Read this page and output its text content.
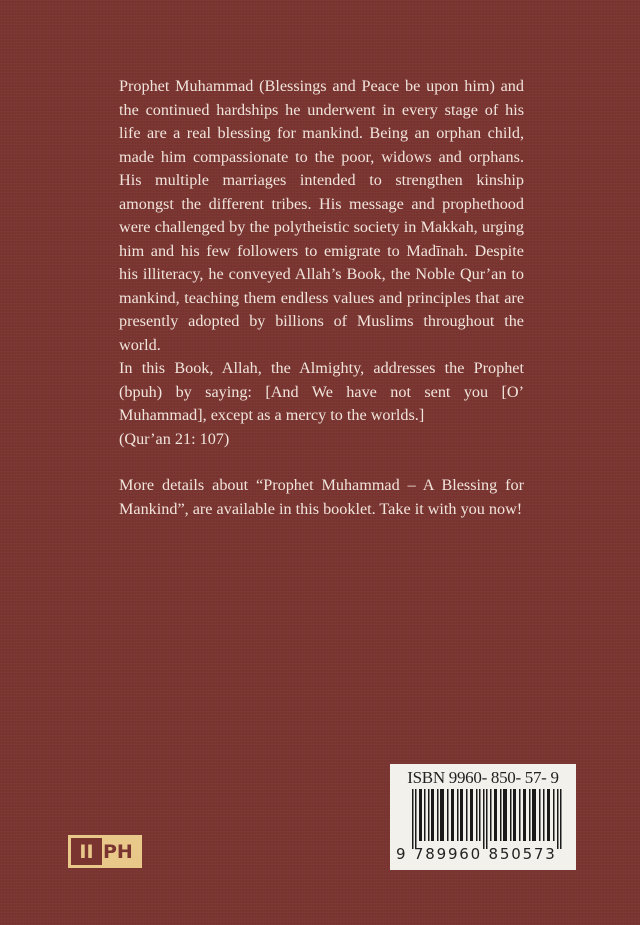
Prophet Muhammad (Blessings and Peace be upon him) and the continued hardships he underwent in every stage of his life are a real blessing for mankind. Being an orphan child, made him compassionate to the poor, widows and orphans. His multiple marriages intended to strengthen kinship amongst the different tribes. His message and prophethood were challenged by the polytheistic society in Makkah, urging him and his few followers to emigrate to Madīnah. Despite his illiteracy, he conveyed Allah’s Book, the Noble Qur’an to mankind, teaching them endless values and principles that are presently adopted by billions of Muslims throughout the world.

In this Book, Allah, the Almighty, addresses the Prophet (bpuh) by saying: [And We have not sent you [O’ Muhammad], except as a mercy to the worlds.]

(Qur’an 21: 107)

More details about “Prophet Muhammad – A Blessing for Mankind”, are available in this booklet. Take it with you now!

II PH
ISBN 9960- 850- 57- 9
9 789960 850573
